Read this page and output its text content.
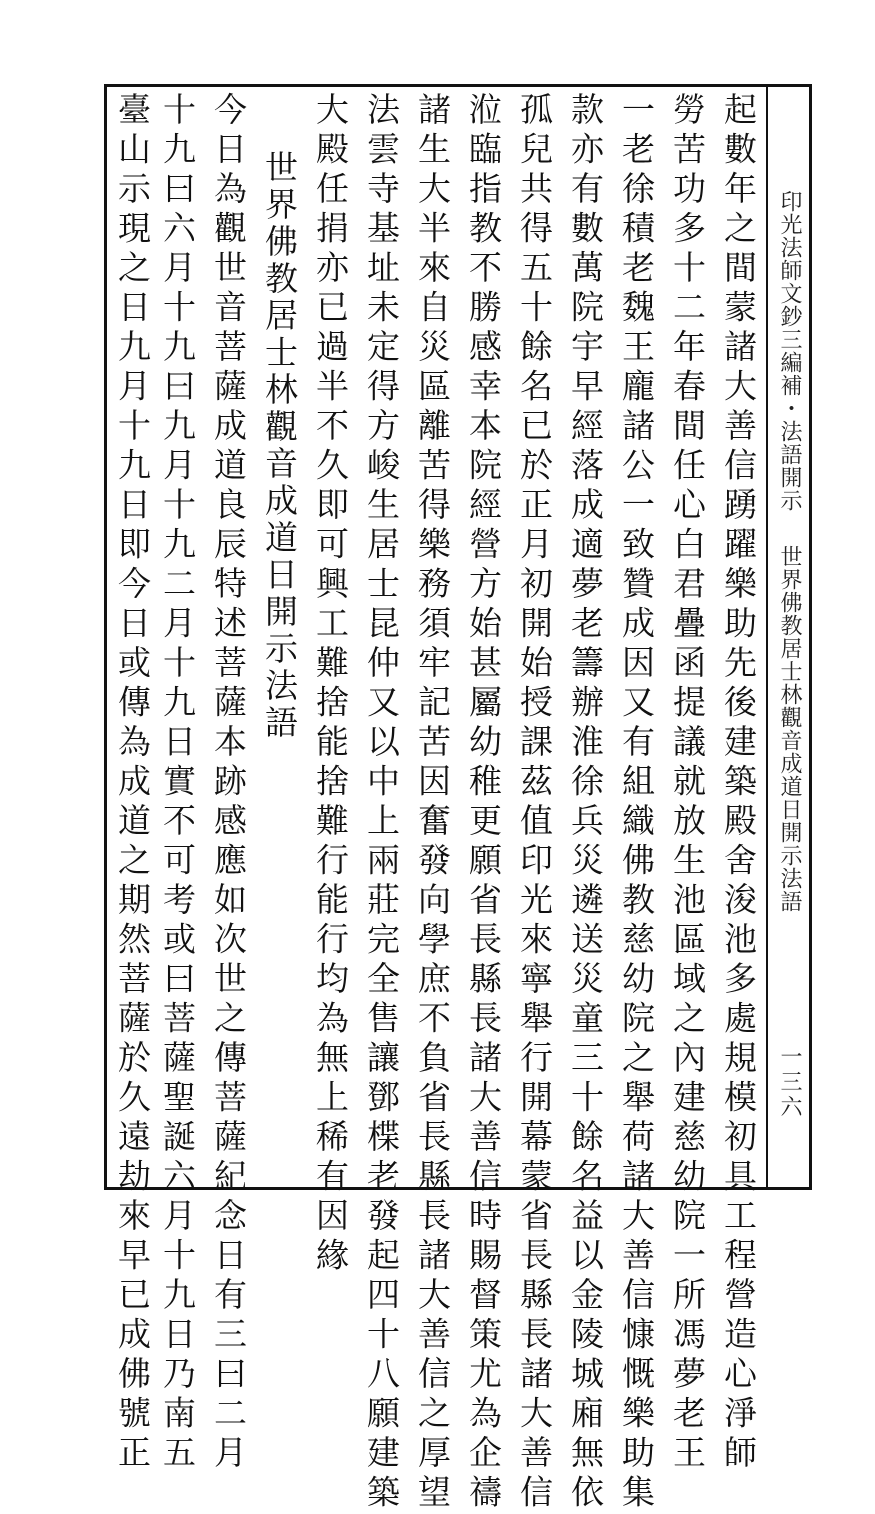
印光法師文鈔三編補・法語開示
世界佛教居士林觀音成道日開示法語
一三六
起數年之間蒙諸大善信踴躍樂助先後建築殿舍浚池多處規模初具工程營造心淨師
勞苦功多十二年春間任心白君疊函提議就放生池區域之內建慈幼院一所馮夢老王
一老徐積老魏王龐諸公一致贊成因又有組織佛教慈幼院之舉荷諸大善信慷慨樂助集
款亦有數萬院宇早經落成適夢老籌辦淮徐兵災遴送災童三十餘名益以金陵城廂無依
孤兒共得五十餘名已於正月初開始授課茲值印光來寧舉行開幕蒙省長縣長諸大善信
涖臨指教不勝感幸本院經營方始甚屬幼稚更願省長縣長諸大善信時賜督策尤為企禱
諸生大半來自災區離苦得樂務須牢記苦因奮發向學庶不負省長縣長諸大善信之厚望
法雲寺基址未定得方峻生居士昆仲又以中上兩莊完全售讓鄧楪老發起四十八願建築
大殿任捐亦已過半不久即可興工難捨能捨難行能行均為無上稀有因緣
世界佛教居士林觀音成道日開示法語
今日為觀世音菩薩成道良辰特述菩薩本跡感應如次世之傳菩薩紀念日有三曰二月
十九曰六月十九曰九月十九二月十九日實不可考或曰菩薩聖誕六月十九日乃南五
臺山示現之日九月十九日即今日或傳為成道之期然菩薩於久遠劫來早已成佛號正
